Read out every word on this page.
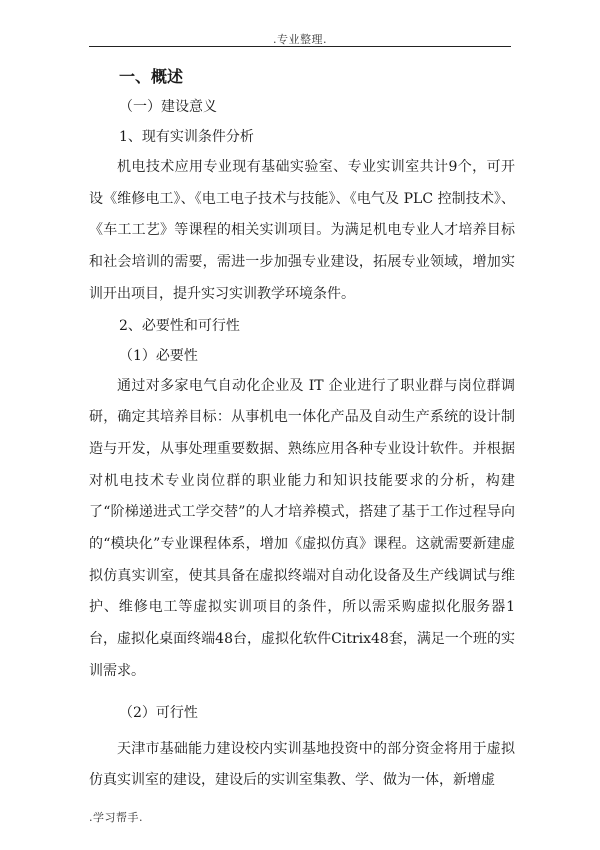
.专业整理.

一、概述

（一）建设意义

1、现有实训条件分析

机电技术应用专业现有基础实验室、专业实训室共计9个，可开设《维修电工》、《电工电子技术与技能》、《电气及 PLC 控制技术》、《车工工艺》等课程的相关实训项目。为满足机电专业人才培养目标和社会培训的需要，需进一步加强专业建设，拓展专业领域，增加实训开出项目，提升实习实训教学环境条件。

2、必要性和可行性

（1）必要性

通过对多家电气自动化企业及 IT 企业进行了职业群与岗位群调研，确定其培养目标：从事机电一体化产品及自动生产系统的设计制造与开发，从事处理重要数据、熟练应用各种专业设计软件。并根据对机电技术专业岗位群的职业能力和知识技能要求的分析，构建了“阶梯递进式工学交替”的人才培养模式，搭建了基于工作过程导向的“模块化”专业课程体系，增加《虚拟仿真》课程。这就需要新建虚拟仿真实训室，使其具备在虚拟终端对自动化设备及生产线调试与维护、维修电工等虚拟实训项目的条件，所以需采购虚拟化服务器1台，虚拟化桌面终端48台，虚拟化软件Citrix48套，满足一个班的实训需求。

（2）可行性

天津市基础能力建设校内实训基地投资中的部分资金将用于虚拟仿真实训室的建设，建设后的实训室集教、学、做为一体，新增虚

.学习帮手.
